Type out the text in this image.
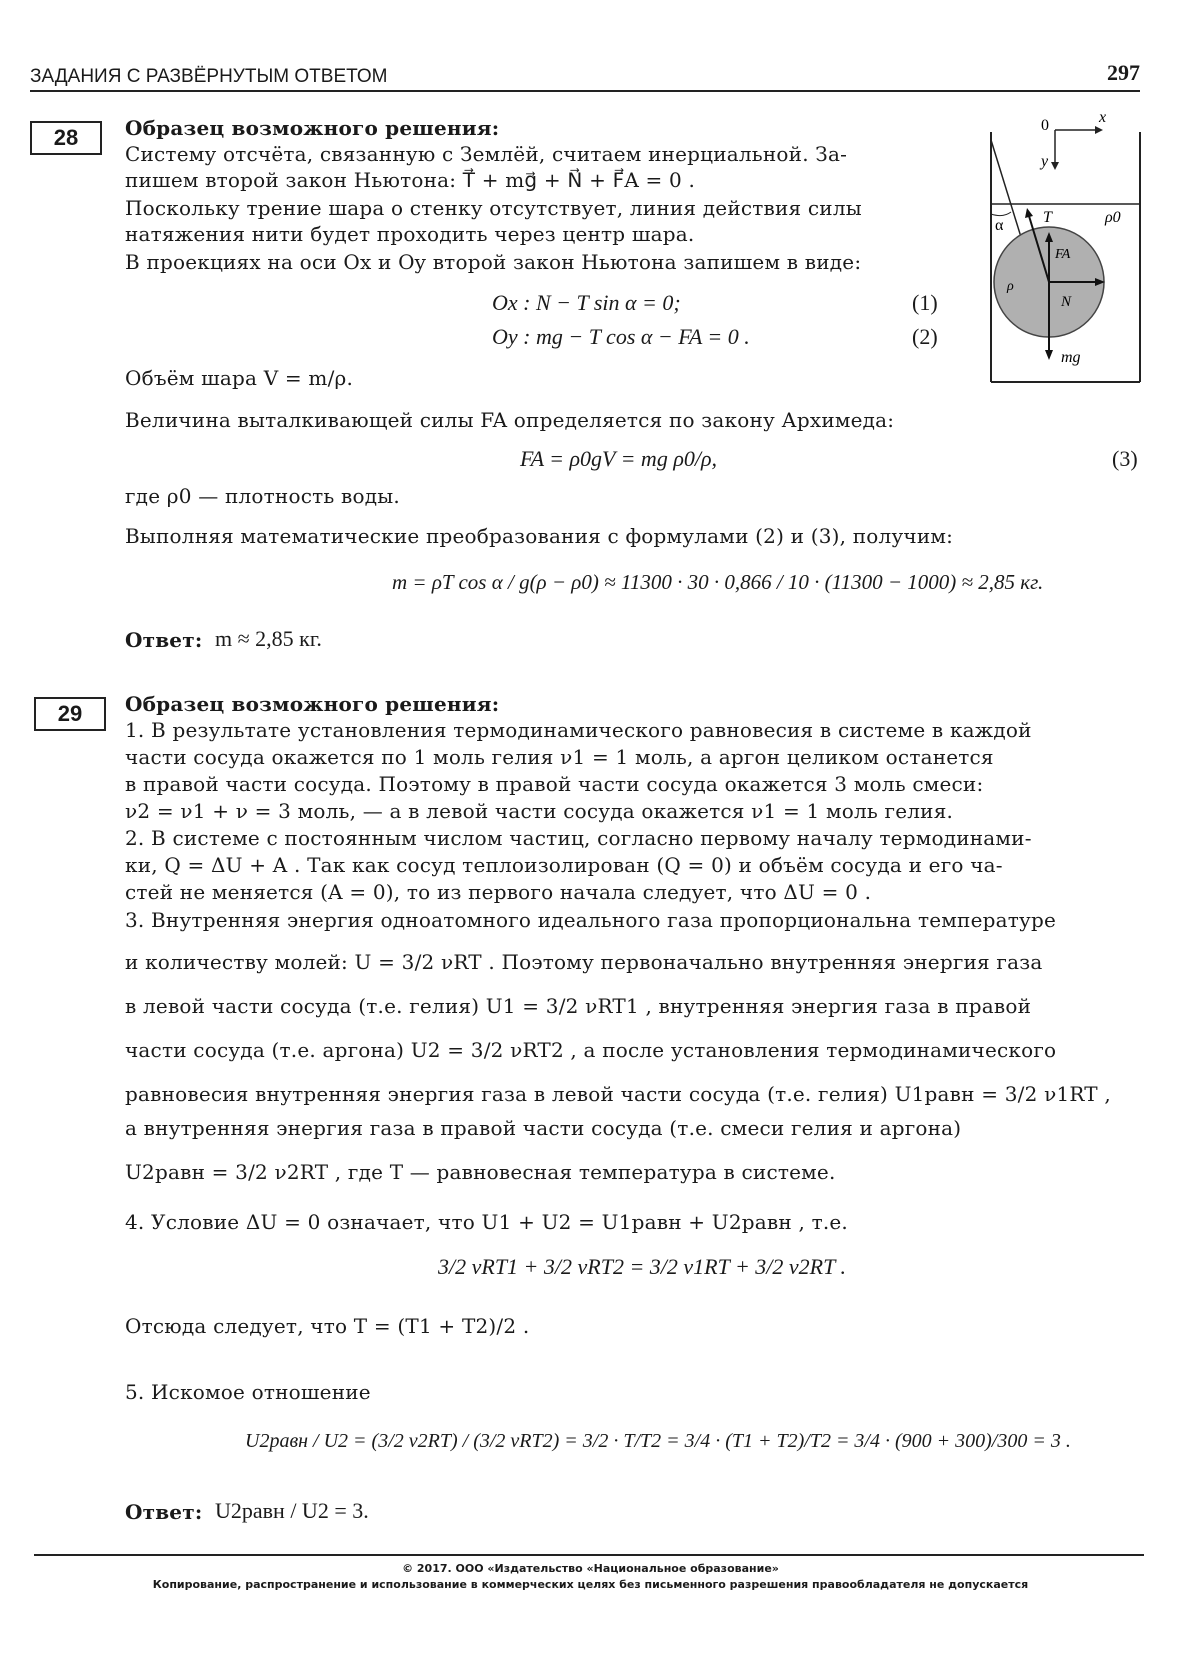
ЗАДАНИЯ С РАЗВЁРНУТЫМ ОТВЕТОМ	297
28	Образец возможного решения:
Систему отсчёта, связанную с Землёй, считаем инерциальной. За-
пишем второй закон Ньютона: T⃗ + mg⃗ + N⃗ + F⃗A = 0 .
Поскольку трение шара о стенку отсутствует, линия действия силы
натяжения нити будет проходить через центр шара.
В проекциях на оси Ox и Oy второй закон Ньютона запишем в виде:
Ox : N − T sin α = 0;	(1)
Oy : mg − T cos α − FA = 0 .	(2)
Объём шара V = m/ρ.
Величина выталкивающей силы FA определяется по закону Архимеда:
FA = ρ0gV = mg ρ0/ρ,	(3)
где ρ0 — плотность воды.
Выполняя математические преобразования с формулами (2) и (3), получим:
m = ρT cos α / g(ρ − ρ0) ≈ 11300 · 30 · 0,866 / 10 · (11300 − 1000) ≈ 2,85 кг.
Ответ: m ≈ 2,85 кг.
0	x
y
α T	ρ0
FA
N
ρ
mg
29	Образец возможного решения:
1. В результате установления термодинамического равновесия в системе в каждой
части сосуда окажется по 1 моль гелия ν1 = 1 моль, а аргон целиком останется
в правой части сосуда. Поэтому в правой части сосуда окажется 3 моль смеси:
ν2 = ν1 + ν = 3 моль, — а в левой части сосуда окажется ν1 = 1 моль гелия.
2. В системе с постоянным числом частиц, согласно первому началу термодинами-
ки, Q = ΔU + A . Так как сосуд теплоизолирован (Q = 0) и объём сосуда и его ча-
стей не меняется (A = 0), то из первого начала следует, что ΔU = 0 .
3. Внутренняя энергия одноатомного идеального газа пропорциональна температуре
и количеству молей: U = 3/2 νRT . Поэтому первоначально внутренняя энергия газа
в левой части сосуда (т.е. гелия) U1 = 3/2 νRT1 , внутренняя энергия газа в правой
части сосуда (т.е. аргона) U2 = 3/2 νRT2 , а после установления термодинамического
равновесия внутренняя энергия газа в левой части сосуда (т.е. гелия) U1равн = 3/2 ν1RT ,
а внутренняя энергия газа в правой части сосуда (т.е. смеси гелия и аргона)
U2равн = 3/2 ν2RT , где T — равновесная температура в системе.
4. Условие ΔU = 0 означает, что U1 + U2 = U1равн + U2равн , т.е.
3/2 νRT1 + 3/2 νRT2 = 3/2 ν1RT + 3/2 ν2RT .
Отсюда следует, что T = (T1 + T2)/2 .
5. Искомое отношение
U2равн / U2 = (3/2 ν2RT) / (3/2 νRT2) = 3/2 · T/T2 = 3/4 · (T1 + T2)/T2 = 3/4 · (900 + 300)/300 = 3 .
Ответ: U2равн / U2 = 3.
© 2017. ООО «Издательство «Национальное образование»
Копирование, распространение и использование в коммерческих целях без письменного разрешения правообладателя не допускается
